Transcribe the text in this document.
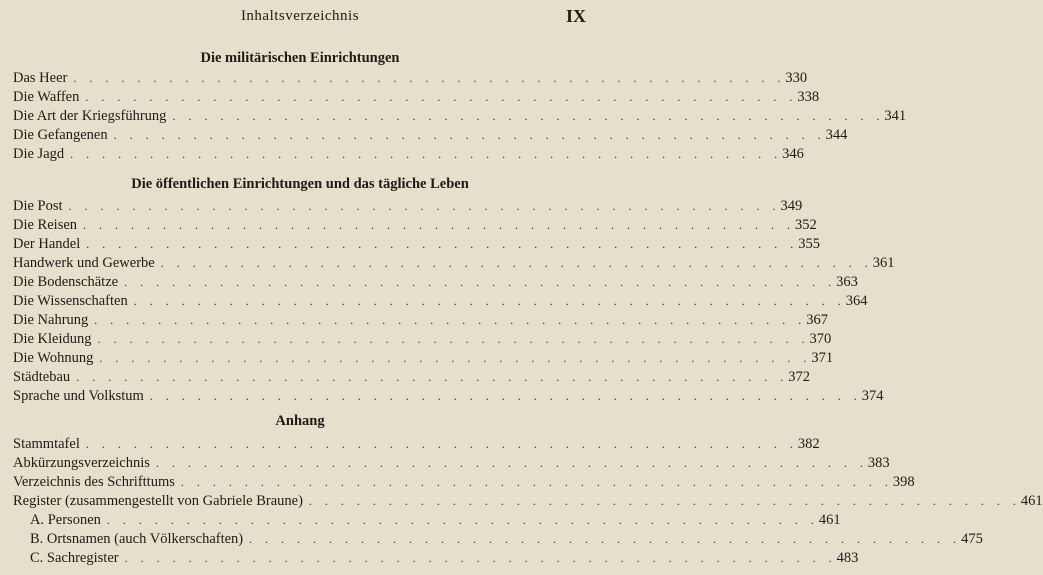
Inhaltsverzeichnis	IX
Die militärischen Einrichtungen
Das Heer . . . . . . . . . . . . . . . . . . . . . . . . . . . . . . . . . . . . . . . . . . . . . 330
Die Waffen . . . . . . . . . . . . . . . . . . . . . . . . . . . . . . . . . . . . . . . . . . . . . 338
Die Art der Kriegsführung . . . . . . . . . . . . . . . . . . . . . . . . . . . . . . . . . . . . . . . . . . . . . 341
Die Gefangenen . . . . . . . . . . . . . . . . . . . . . . . . . . . . . . . . . . . . . . . . . . . . . 344
Die Jagd . . . . . . . . . . . . . . . . . . . . . . . . . . . . . . . . . . . . . . . . . . . . . 346
Die öffentlichen Einrichtungen und das tägliche Leben
Die Post . . . . . . . . . . . . . . . . . . . . . . . . . . . . . . . . . . . . . . . . . . . . . 349
Die Reisen . . . . . . . . . . . . . . . . . . . . . . . . . . . . . . . . . . . . . . . . . . . . . 352
Der Handel . . . . . . . . . . . . . . . . . . . . . . . . . . . . . . . . . . . . . . . . . . . . . 355
Handwerk und Gewerbe . . . . . . . . . . . . . . . . . . . . . . . . . . . . . . . . . . . . . . . . . . . . . 361
Die Bodenschätze . . . . . . . . . . . . . . . . . . . . . . . . . . . . . . . . . . . . . . . . . . . . . 363
Die Wissenschaften . . . . . . . . . . . . . . . . . . . . . . . . . . . . . . . . . . . . . . . . . . . . . 364
Die Nahrung . . . . . . . . . . . . . . . . . . . . . . . . . . . . . . . . . . . . . . . . . . . . . 367
Die Kleidung . . . . . . . . . . . . . . . . . . . . . . . . . . . . . . . . . . . . . . . . . . . . . 370
Die Wohnung . . . . . . . . . . . . . . . . . . . . . . . . . . . . . . . . . . . . . . . . . . . . . 371
Städtebau . . . . . . . . . . . . . . . . . . . . . . . . . . . . . . . . . . . . . . . . . . . . . 372
Sprache und Volkstum . . . . . . . . . . . . . . . . . . . . . . . . . . . . . . . . . . . . . . . . . . . . . 374
Anhang
Stammtafel . . . . . . . . . . . . . . . . . . . . . . . . . . . . . . . . . . . . . . . . . . . . . 382
Abkürzungsverzeichnis . . . . . . . . . . . . . . . . . . . . . . . . . . . . . . . . . . . . . . . . . . . . . 383
Verzeichnis des Schrifttums . . . . . . . . . . . . . . . . . . . . . . . . . . . . . . . . . . . . . . . . . . . . . 398
Register (zusammengestellt von Gabriele Braune) . . . . . . . . . . . . . . . . . . . . . . . . . . . . . . . . . . . . . . . . . . . . . 461
A. Personen . . . . . . . . . . . . . . . . . . . . . . . . . . . . . . . . . . . . . . . . . . . . . 461
B. Ortsnamen (auch Völkerschaften) . . . . . . . . . . . . . . . . . . . . . . . . . . . . . . . . . . . . . . . . . . . . . 475
C. Sachregister . . . . . . . . . . . . . . . . . . . . . . . . . . . . . . . . . . . . . . . . . . . . . 483
